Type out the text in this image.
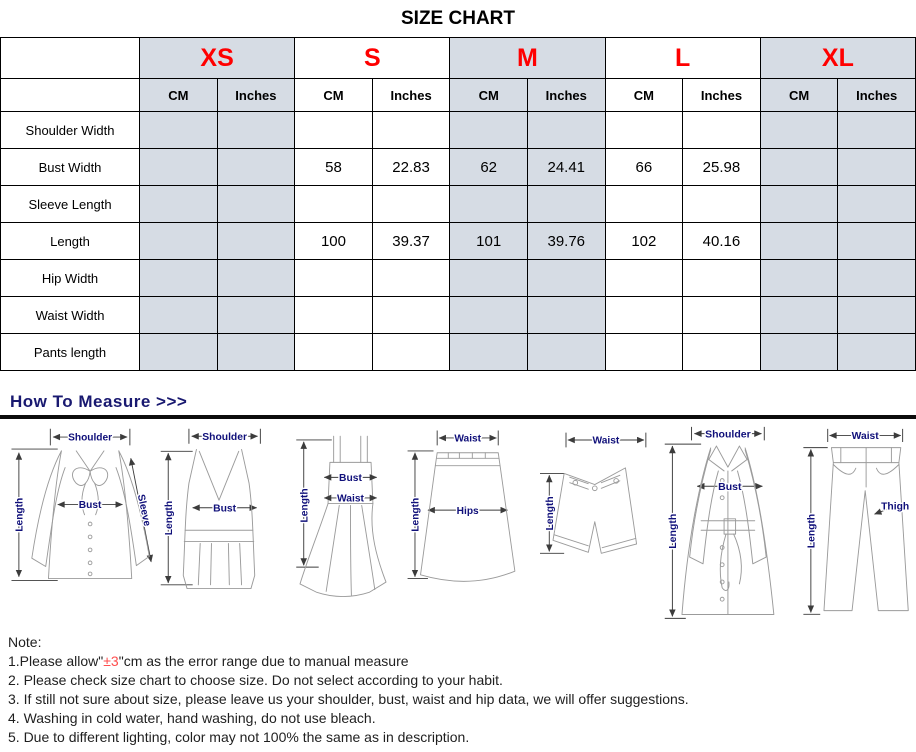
SIZE CHART
	XS		S		M		L		XL	
	CM	Inches	CM	Inches	CM	Inches	CM	Inches	CM	Inches
Shoulder Width										
Bust Width			58	22.83	62	24.41	66	25.98		
Sleeve Length										
Length			100	39.37	101	39.76	102	40.16		
Hip Width										
Waist Width										
Pants length										
How To Measure >>>
Shoulder
Length	Bust	Sleeve
Shoulder
Length	Bust	Length
Bust
Waist
Waist
Length	Hips
Waist
Length
Shoulder
Length
Bust
Waist
Length
Thigh
Note:
1.Please allow"±3"cm as the error range due to manual measure
2. Please check size chart to choose size. Do not select according to your habit.
3. If still not sure about size, please leave us your shoulder, bust, waist and hip data, we will offer suggestions.
4. Washing in cold water, hand washing, do not use bleach.
5. Due to different lighting, color may not 100% the same as in description.
